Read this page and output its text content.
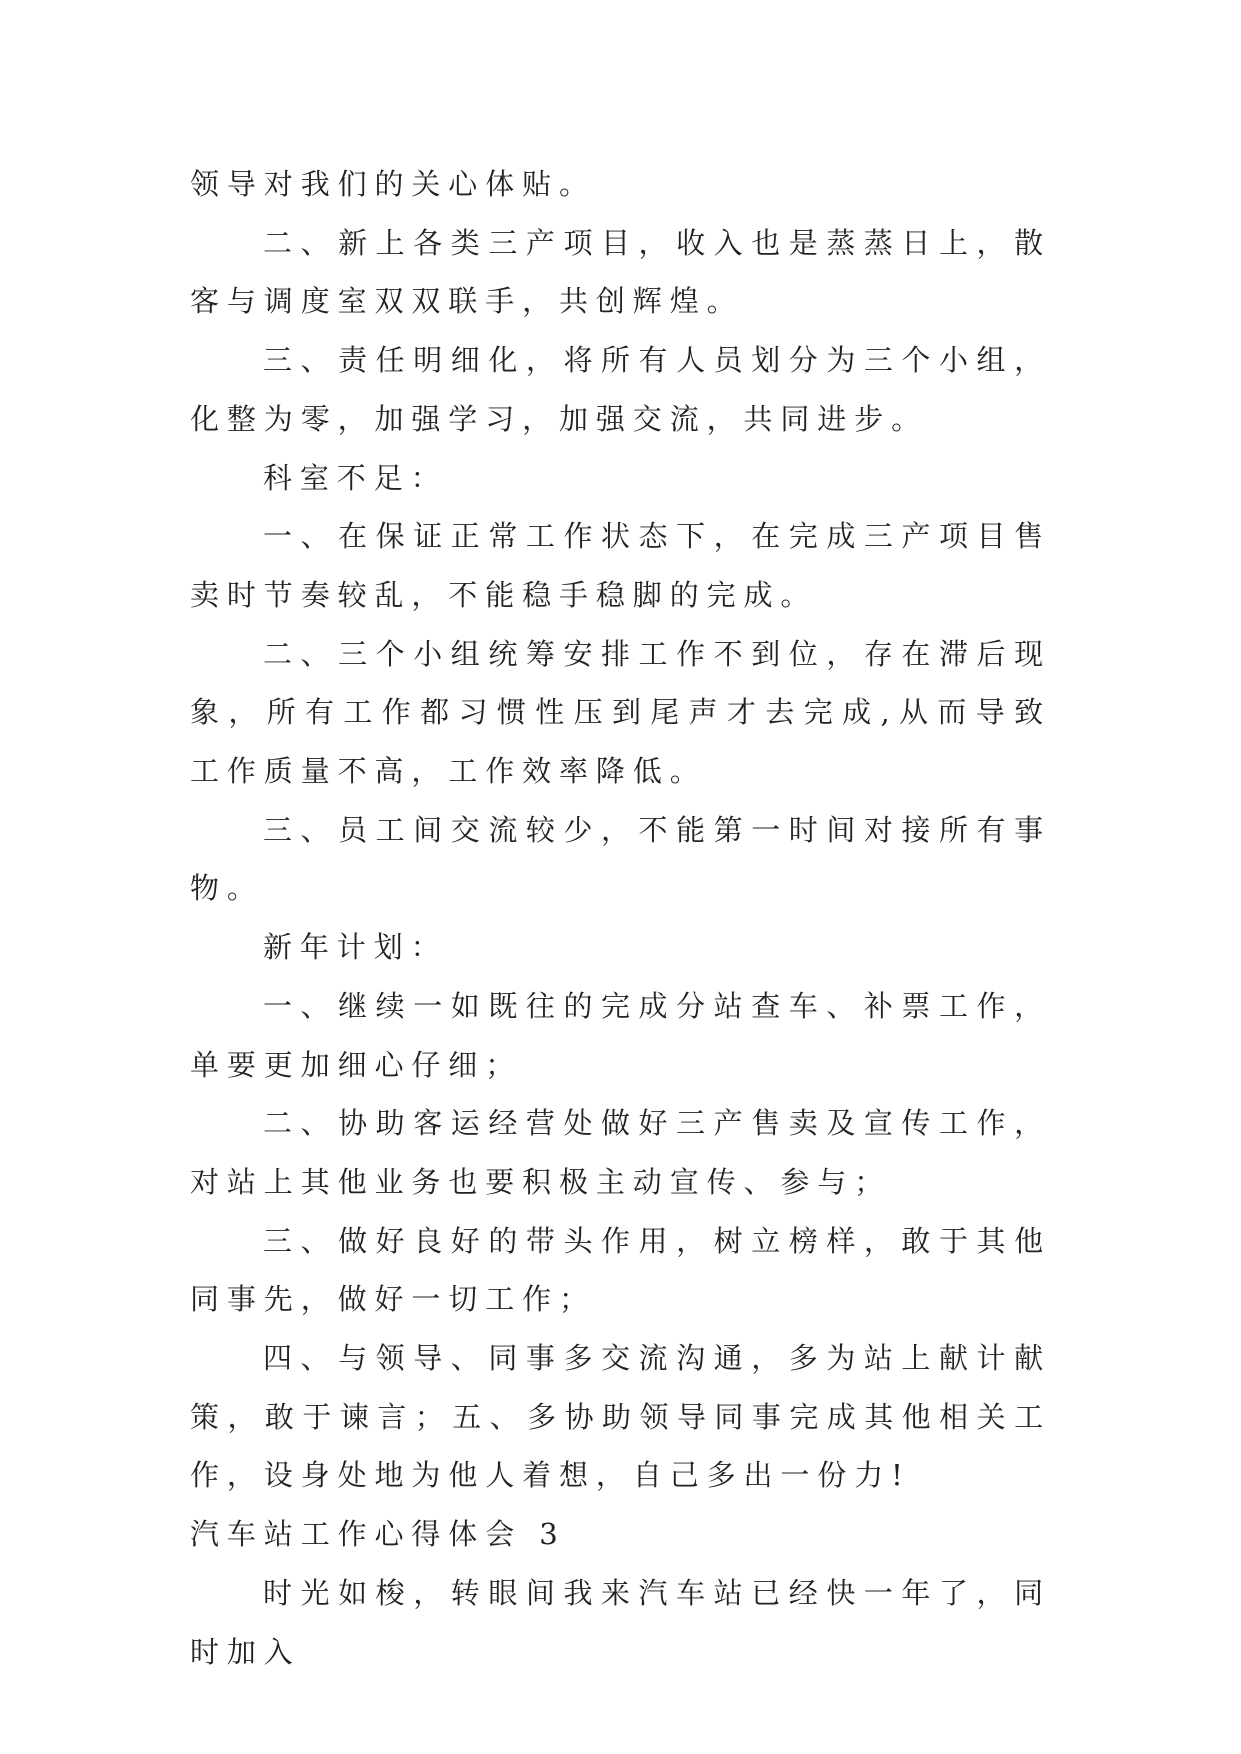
领导对我们的关心体贴。

二、新上各类三产项目，收入也是蒸蒸日上，散客与调度室双双联手，共创辉煌。

三、责任明细化，将所有人员划分为三个小组，化整为零，加强学习，加强交流，共同进步。

科室不足：

一、在保证正常工作状态下，在完成三产项目售卖时节奏较乱，不能稳手稳脚的完成。

二、三个小组统筹安排工作不到位，存在滞后现象，所有工作都习惯性压到尾声才去完成,从而导致工作质量不高，工作效率降低。

三、员工间交流较少，不能第一时间对接所有事物。

新年计划：

一、继续一如既往的完成分站查车、补票工作，单要更加细心仔细；

二、协助客运经营处做好三产售卖及宣传工作，对站上其他业务也要积极主动宣传、参与；

三、做好良好的带头作用，树立榜样，敢于其他同事先，做好一切工作；

四、与领导、同事多交流沟通，多为站上献计献策，敢于谏言；五、多协助领导同事完成其他相关工作，设身处地为他人着想，自己多出一份力!

汽车站工作心得体会 3

时光如梭，转眼间我来汽车站已经快一年了，同时加入
